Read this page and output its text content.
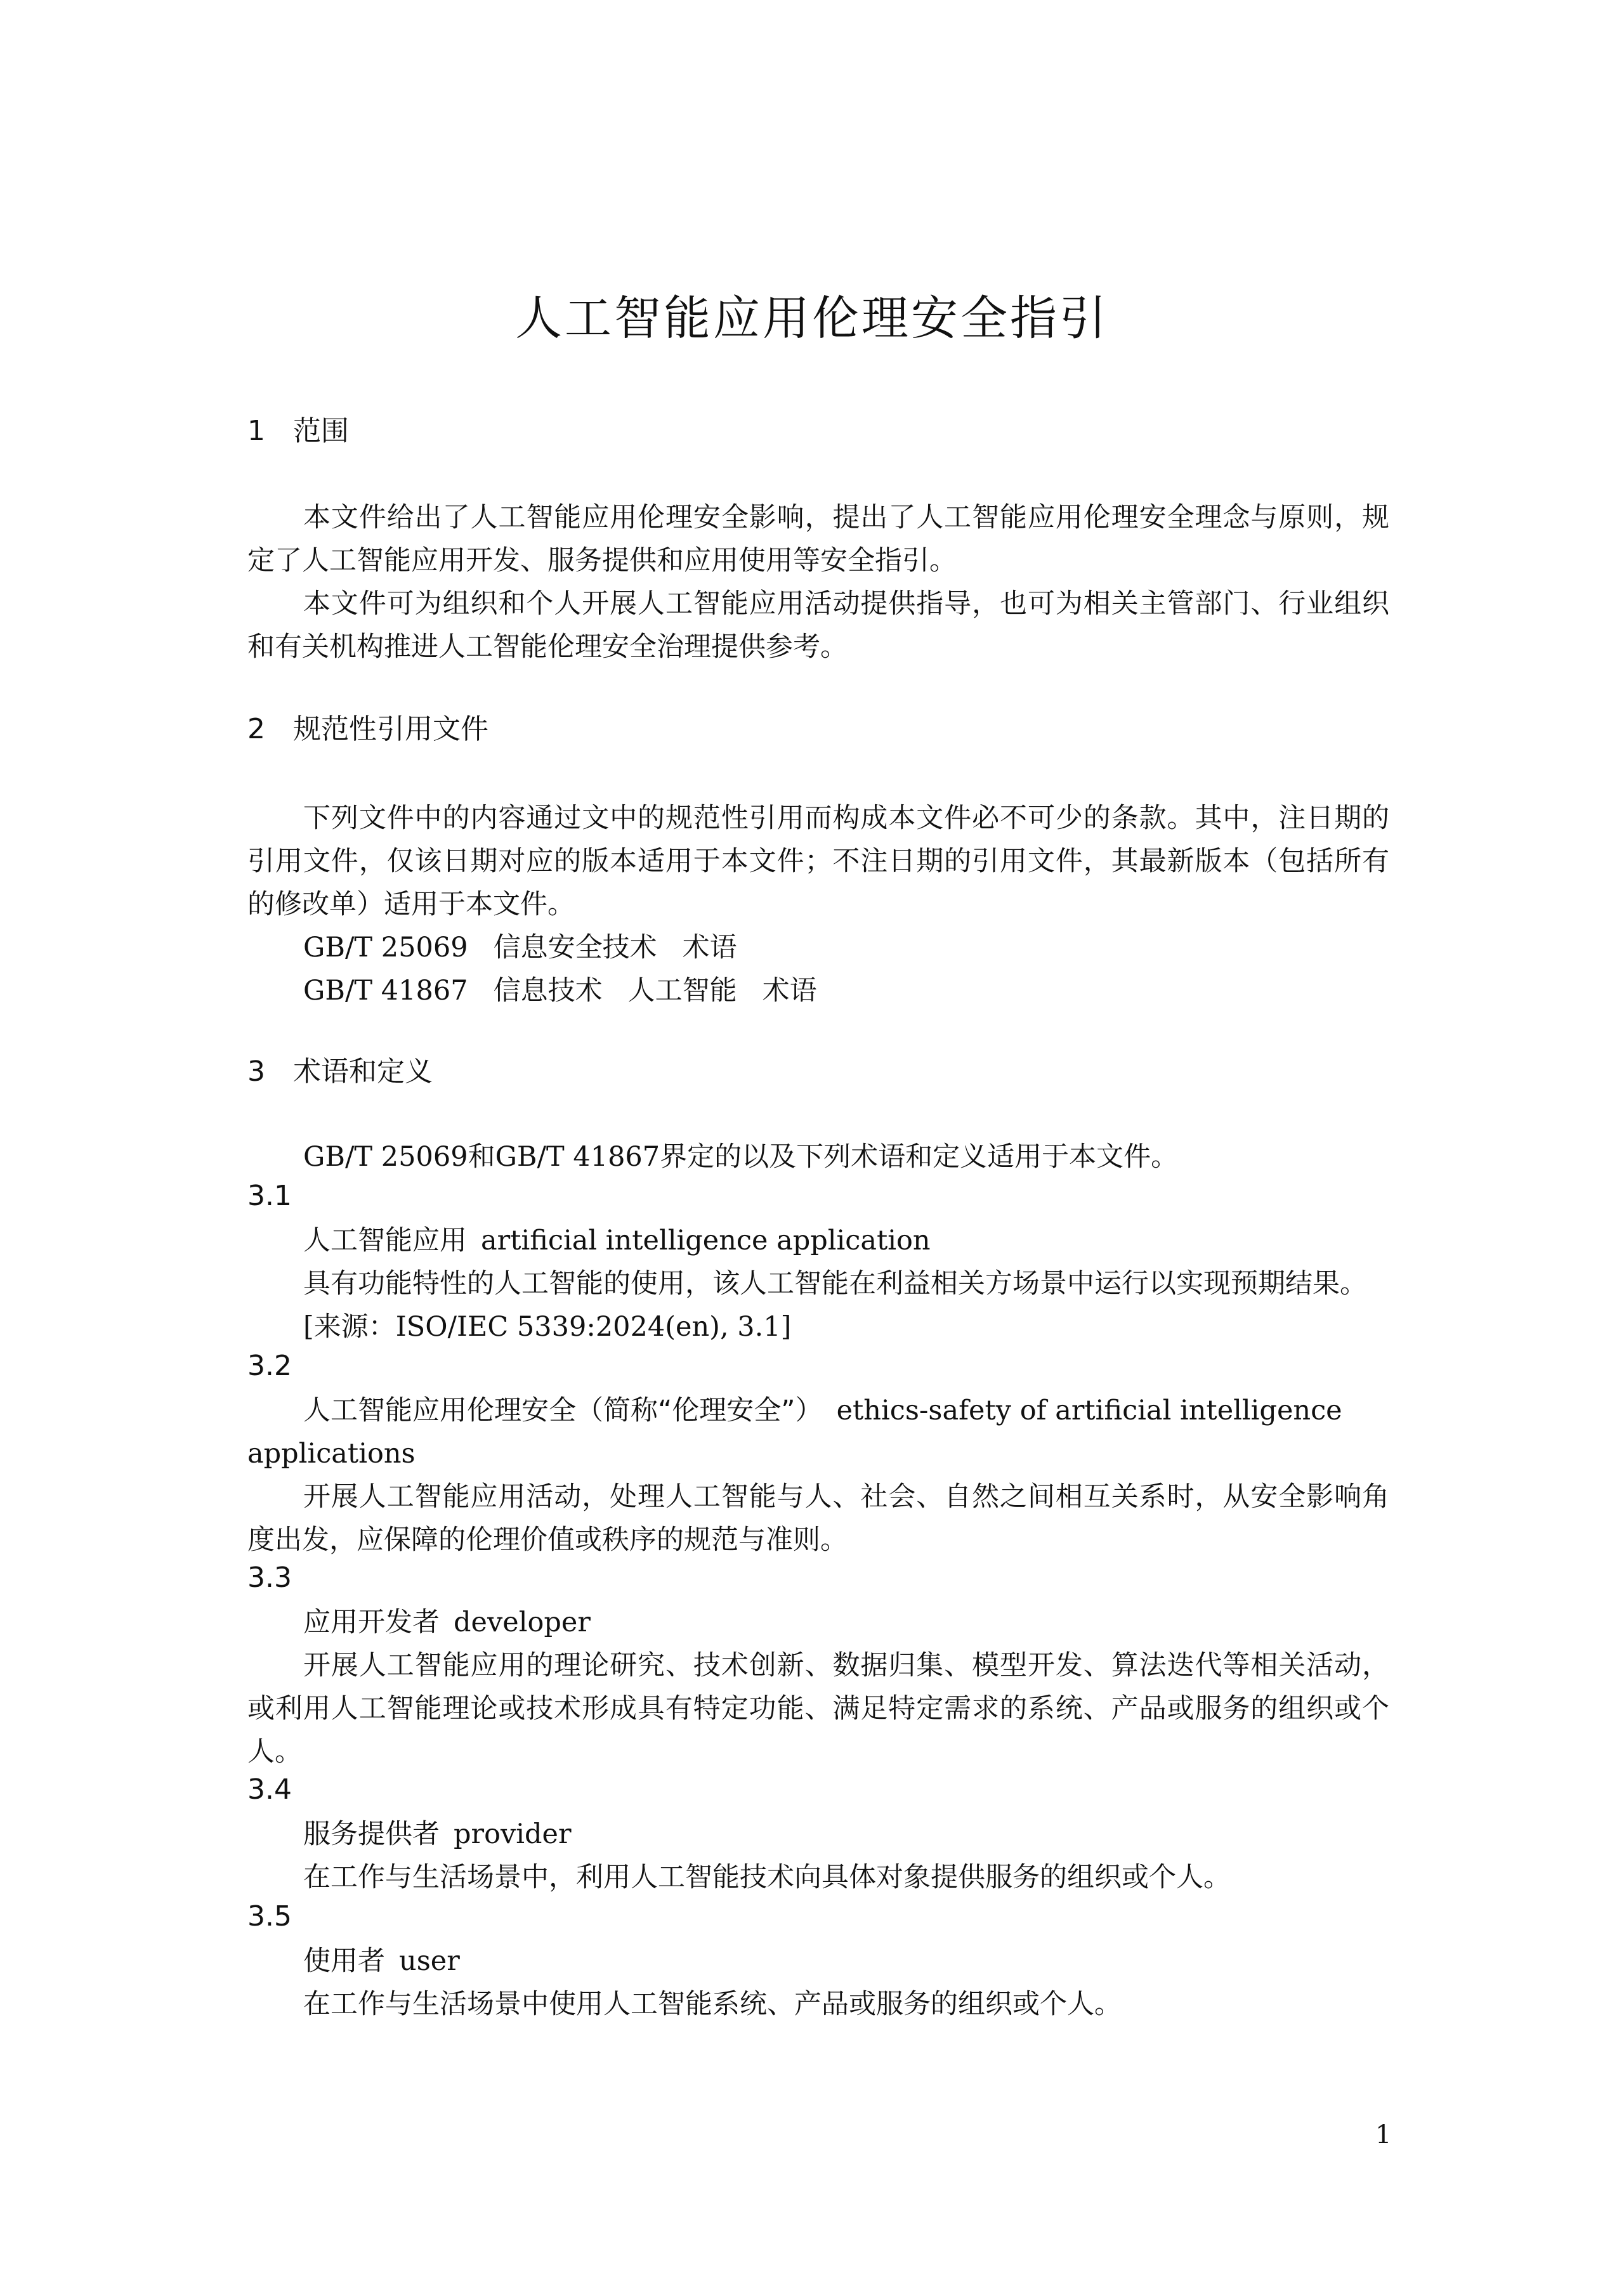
人工智能应用伦理安全指引
1 范围
本文件给出了人工智能应用伦理安全影响，提出了人工智能应用伦理安全理念与原则，规定了人工智能应用开发、服务提供和应用使用等安全指引。
本文件可为组织和个人开展人工智能应用活动提供指导，也可为相关主管部门、行业组织和有关机构推进人工智能伦理安全治理提供参考。
2 规范性引用文件
下列文件中的内容通过文中的规范性引用而构成本文件必不可少的条款。其中，注日期的引用文件，仅该日期对应的版本适用于本文件；不注日期的引用文件，其最新版本（包括所有的修改单）适用于本文件。
GB/T 25069 信息安全技术 术语
GB/T 41867 信息技术 人工智能 术语
3 术语和定义
GB/T 25069和GB/T 41867界定的以及下列术语和定义适用于本文件。
3.1
人工智能应用 artificial intelligence application
具有功能特性的人工智能的使用，该人工智能在利益相关方场景中运行以实现预期结果。
[来源：ISO/IEC 5339:2024(en), 3.1]
3.2
人工智能应用伦理安全（简称“伦理安全”） ethics-safety of artificial intelligence applications
开展人工智能应用活动，处理人工智能与人、社会、自然之间相互关系时，从安全影响角度出发，应保障的伦理价值或秩序的规范与准则。
3.3
应用开发者 developer
开展人工智能应用的理论研究、技术创新、数据归集、模型开发、算法迭代等相关活动，或利用人工智能理论或技术形成具有特定功能、满足特定需求的系统、产品或服务的组织或个人。
3.4
服务提供者 provider
在工作与生活场景中，利用人工智能技术向具体对象提供服务的组织或个人。
3.5
使用者 user
在工作与生活场景中使用人工智能系统、产品或服务的组织或个人。
1
